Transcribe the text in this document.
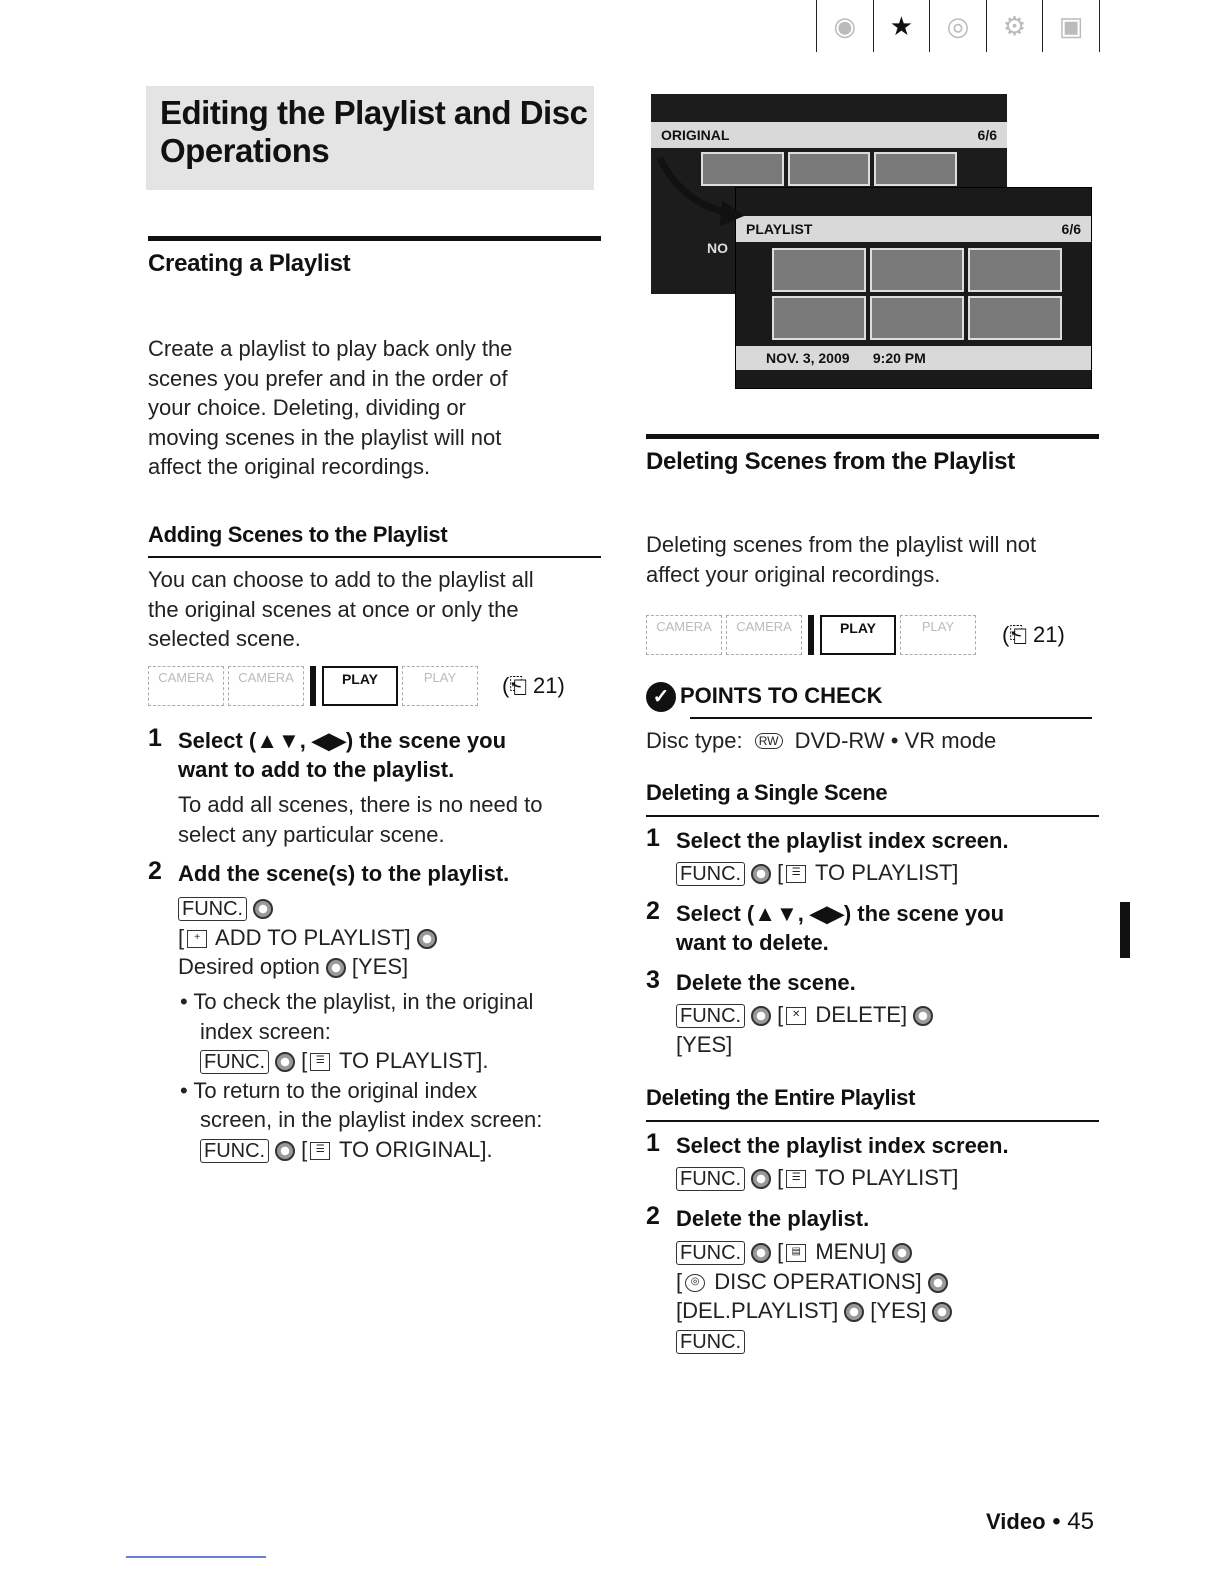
◉	★	◎	⚙	▣
Editing the Playlist and Disc
Operations
Creating a Playlist
Create a playlist to play back only the
scenes you prefer and in the order of
your choice. Deleting, dividing or
moving scenes in the playlist will not
affect the original recordings.
Adding Scenes to the Playlist
You can choose to add to the playlist all
the original scenes at once or only the
selected scene.
CAMERA	CAMERA	PLAY	PLAY	(⎗ 21)
1 Select (▲▼, ◀▶) the scene you
want to add to the playlist.
To add all scenes, there is no need to
select any particular scene.
2 Add the scene(s) to the playlist.
FUNC.
[ + ADD TO PLAYLIST]
Desired option [YES]
• To check the playlist, in the original
index screen:
FUNC. [ ☰ TO PLAYLIST].
• To return to the original index
screen, in the playlist index screen:
FUNC. [ ☰ TO ORIGINAL].
ORIGINAL	6/6
NO
PLAYLIST	6/6
NOV. 3, 2009 9:20 PM
Deleting Scenes from the Playlist
Deleting scenes from the playlist will not
affect your original recordings.
CAMERA	CAMERA	PLAY	PLAY	(⎗ 21)
✓ POINTS TO CHECK
Disc type: RW DVD-RW • VR mode
Deleting a Single Scene
1 Select the playlist index screen.
FUNC. [ ☰ TO PLAYLIST]
2 Select (▲▼, ◀▶) the scene you
want to delete.
3 Delete the scene.
FUNC. [ ✕ DELETE]
[YES]
Deleting the Entire Playlist
1 Select the playlist index screen.
FUNC. [ ☰ TO PLAYLIST]
2 Delete the playlist.
FUNC. [ ▤ MENU]
[ ◎ DISC OPERATIONS]
[DEL.PLAYLIST] [YES]
FUNC.
Video • 45
